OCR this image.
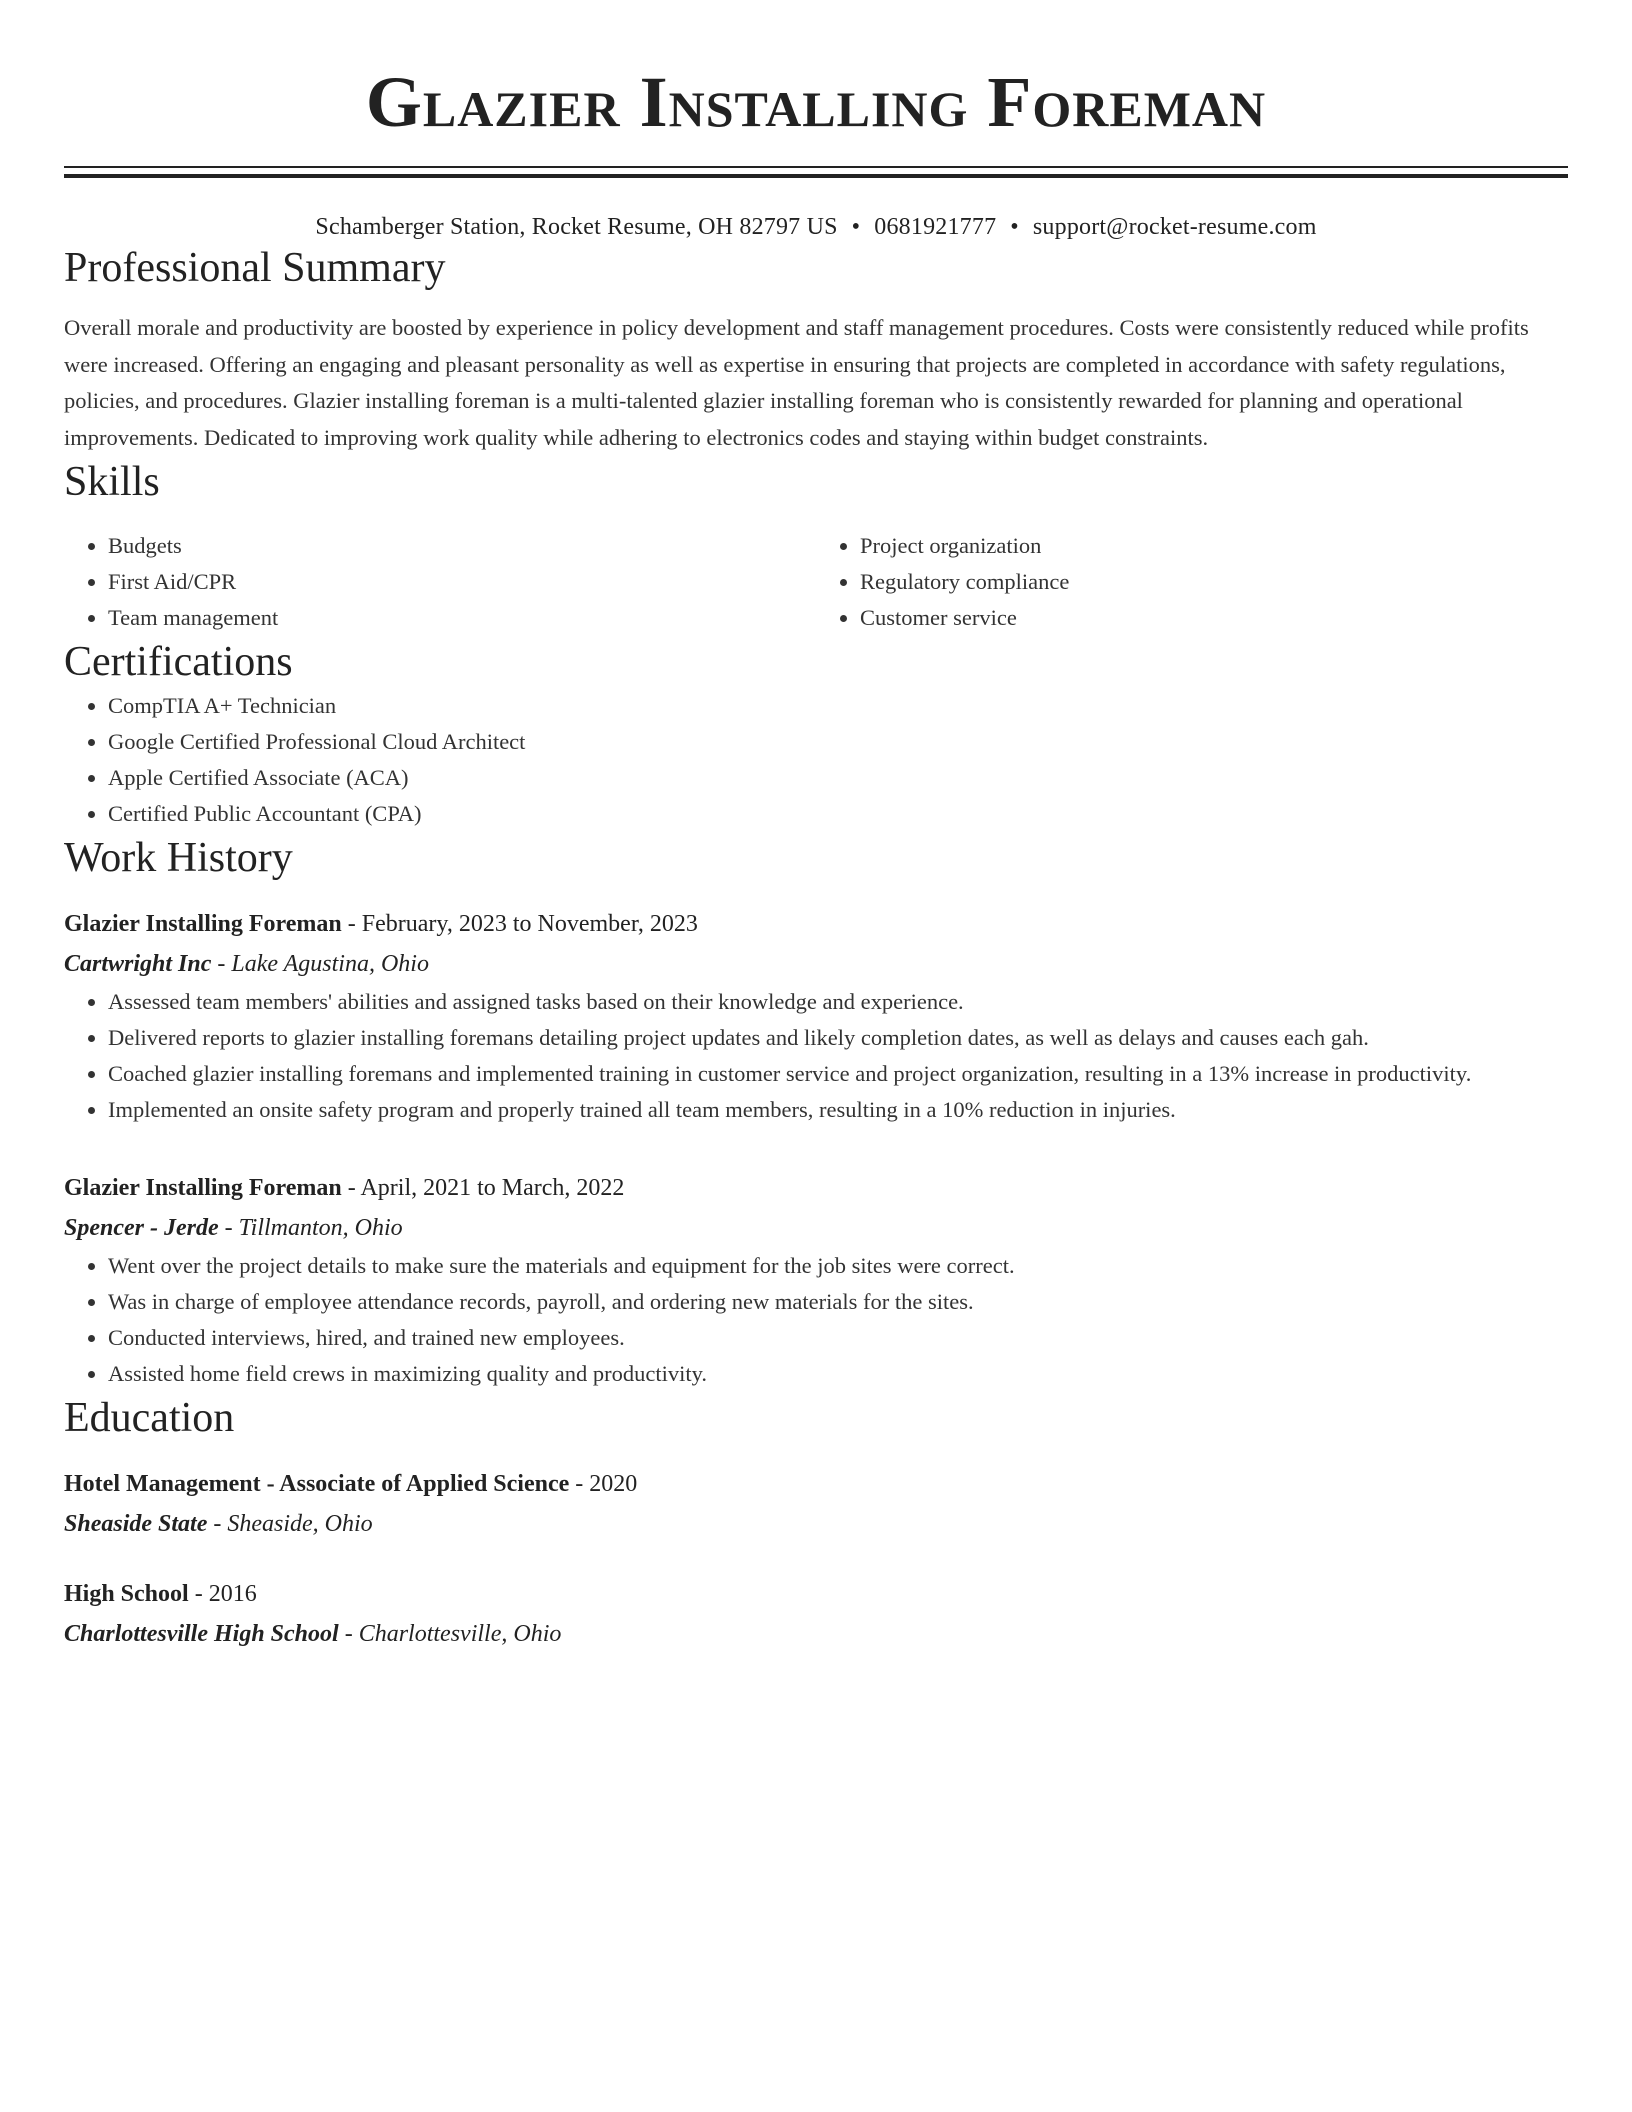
Glazier Installing Foreman
Schamberger Station, Rocket Resume, OH 82797 US • 0681921777 • support@rocket-resume.com
Professional Summary
Overall morale and productivity are boosted by experience in policy development and staff management procedures. Costs were consistently reduced while profits were increased. Offering an engaging and pleasant personality as well as expertise in ensuring that projects are completed in accordance with safety regulations, policies, and procedures. Glazier installing foreman is a multi-talented glazier installing foreman who is consistently rewarded for planning and operational improvements. Dedicated to improving work quality while adhering to electronics codes and staying within budget constraints.
Skills
• Budgets
• First Aid/CPR
• Team management
• Project organization
• Regulatory compliance
• Customer service
Certifications
• CompTIA A+ Technician
• Google Certified Professional Cloud Architect
• Apple Certified Associate (ACA)
• Certified Public Accountant (CPA)
Work History
Glazier Installing Foreman - February, 2023 to November, 2023
Cartwright Inc - Lake Agustina, Ohio
• Assessed team members' abilities and assigned tasks based on their knowledge and experience.
• Delivered reports to glazier installing foremans detailing project updates and likely completion dates, as well as delays and causes each gah.
• Coached glazier installing foremans and implemented training in customer service and project organization, resulting in a 13% increase in productivity.
• Implemented an onsite safety program and properly trained all team members, resulting in a 10% reduction in injuries.
Glazier Installing Foreman - April, 2021 to March, 2022
Spencer - Jerde - Tillmanton, Ohio
• Went over the project details to make sure the materials and equipment for the job sites were correct.
• Was in charge of employee attendance records, payroll, and ordering new materials for the sites.
• Conducted interviews, hired, and trained new employees.
• Assisted home field crews in maximizing quality and productivity.
Education
Hotel Management - Associate of Applied Science - 2020
Sheaside State - Sheaside, Ohio
High School - 2016
Charlottesville High School - Charlottesville, Ohio
